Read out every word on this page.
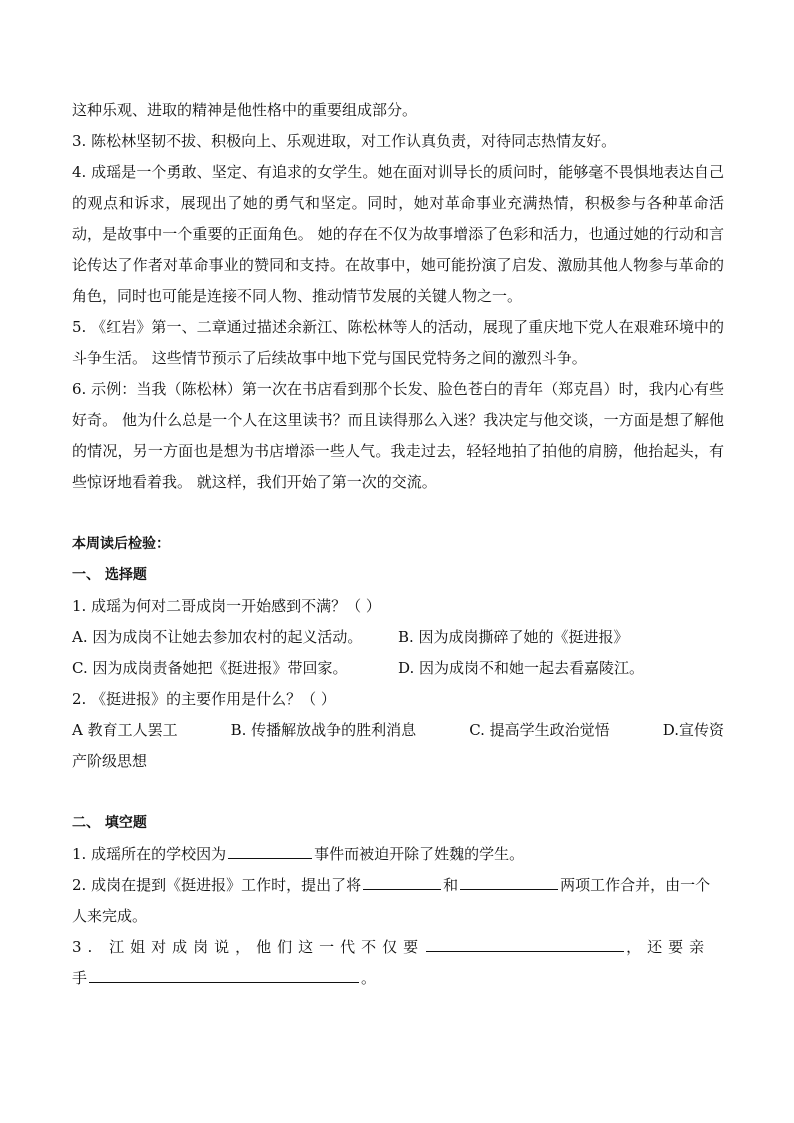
这种乐观、进取的精神是他性格中的重要组成部分。

3. 陈松林坚韧不拔、积极向上、乐观进取，对工作认真负责，对待同志热情友好。

4. 成瑶是一个勇敢、坚定、有追求的女学生。她在面对训导长的质问时，能够毫不畏惧地表达自己的观点和诉求，展现出了她的勇气和坚定。同时，她对革命事业充满热情，积极参与各种革命活动，是故事中一个重要的正面角色。 她的存在不仅为故事增添了色彩和活力，也通过她的行动和言论传达了作者对革命事业的赞同和支持。在故事中，她可能扮演了启发、激励其他人物参与革命的角色，同时也可能是连接不同人物、推动情节发展的关键人物之一。

5. 《红岩》第一、二章通过描述余新江、陈松林等人的活动，展现了重庆地下党人在艰难环境中的斗争生活。 这些情节预示了后续故事中地下党与国民党特务之间的激烈斗争。

6. 示例：当我（陈松林）第一次在书店看到那个长发、脸色苍白的青年（郑克昌）时，我内心有些好奇。 他为什么总是一个人在这里读书？而且读得那么入迷？我决定与他交谈，一方面是想了解他的情况，另一方面也是想为书店增添一些人气。我走过去，轻轻地拍了拍他的肩膀，他抬起头，有些惊讶地看着我。 就这样，我们开始了第一次的交流。

本周读后检验：

一、 选择题

1. 成瑶为何对二哥成岗一开始感到不满？（ ）

A. 因为成岗不让她去参加农村的起义活动。	B. 因为成岗撕碎了她的《挺进报》
C. 因为成岗责备她把《挺进报》带回家。	D. 因为成岗不和她一起去看嘉陵江。

2. 《挺进报》的主要作用是什么？（ ）

A 教育工人罢工	B. 传播解放战争的胜利消息	C. 提高学生政治觉悟	D.宣传资

产阶级思想

二、 填空题

1. 成瑶所在的学校因为	事件而被迫开除了姓魏的学生。

2. 成岗在提到《挺进报》工作时，提出了将	和	两项工作合并，由一个

人来完成。

3. 江姐对成岗说，他们这一代不仅要	，还要亲

手	。
